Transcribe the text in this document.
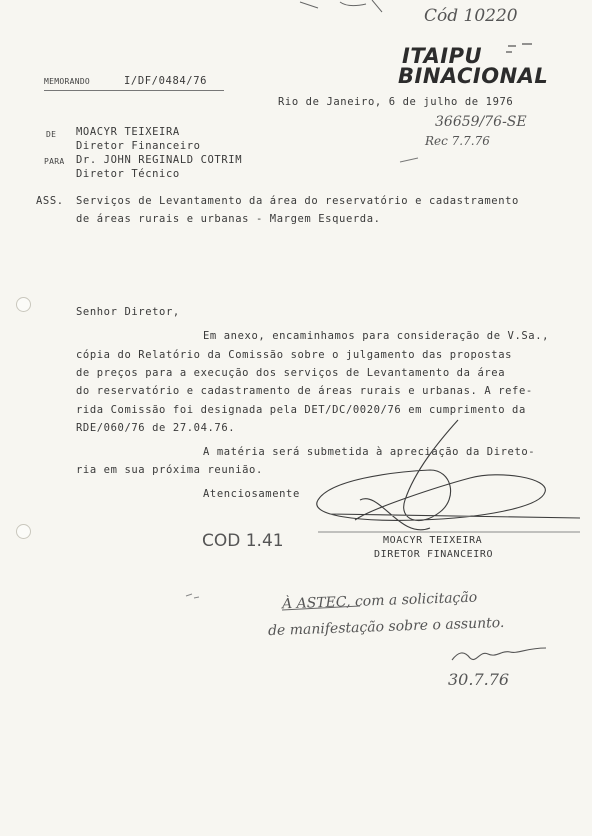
Cód 10220
MEMORANDO	I/DF/0484/76
ITAIPU
BINACIONAL
Rio de Janeiro, 6 de julho de 1976
36659/76-SE
Rec 7.7.76
DE MOACYR TEIXEIRA
Diretor Financeiro
PARA Dr. JOHN REGINALD COTRIM
Diretor Técnico
ASS. Serviços de Levantamento da área do reservatório e cadastramento
de áreas rurais e urbanas - Margem Esquerda.
Senhor Diretor,
Em anexo, encaminhamos para consideração de V.Sa.,
cópia do Relatório da Comissão sobre o julgamento das propostas
de preços para a execução dos serviços de Levantamento da área
do reservatório e cadastramento de áreas rurais e urbanas. A refe-
rida Comissão foi designada pela DET/DC/0020/76 em cumprimento da
RDE/060/76 de 27.04.76.
A matéria será submetida à apreciação da Direto-
ria em sua próxima reunião.
Atenciosamente
MOACYR TEIXEIRA
DIRETOR FINANCEIRO
COD 1.41
À ASTEC, com a solicitação
de manifestação sobre o assunto.
30.7.76
